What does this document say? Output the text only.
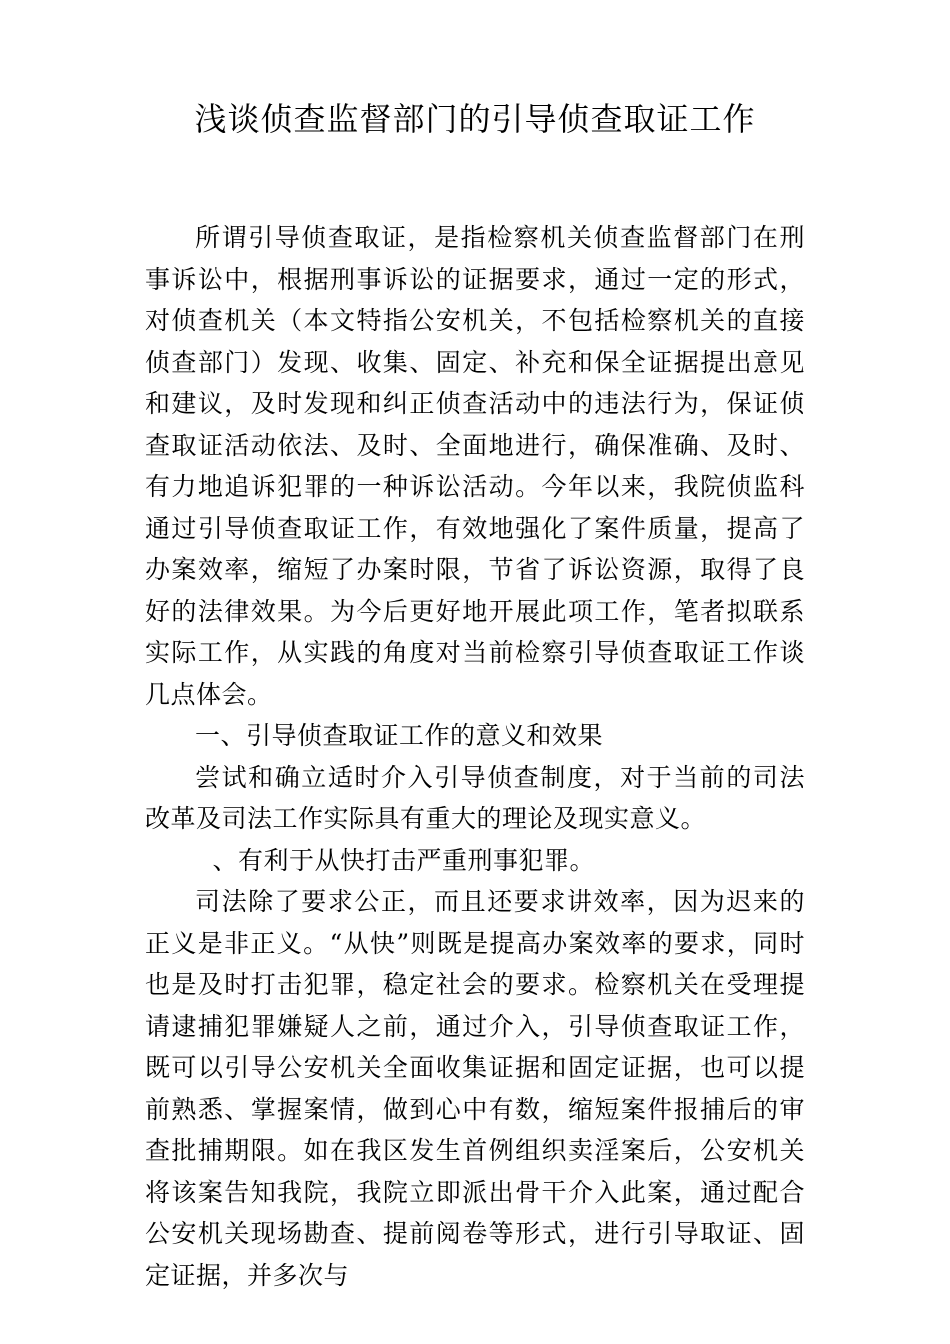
浅谈侦查监督部门的引导侦查取证工作

所谓引导侦查取证，是指检察机关侦查监督部门在刑事诉讼中，根据刑事诉讼的证据要求，通过一定的形式，对侦查机关（本文特指公安机关，不包括检察机关的直接侦查部门）发现、收集、固定、补充和保全证据提出意见和建议，及时发现和纠正侦查活动中的违法行为，保证侦查取证活动依法、及时、全面地进行，确保准确、及时、有力地追诉犯罪的一种诉讼活动。今年以来，我院侦监科通过引导侦查取证工作，有效地强化了案件质量，提高了办案效率，缩短了办案时限，节省了诉讼资源，取得了良好的法律效果。为今后更好地开展此项工作，笔者拟联系实际工作，从实践的角度对当前检察引导侦查取证工作谈几点体会。

一、引导侦查取证工作的意义和效果

尝试和确立适时介入引导侦查制度，对于当前的司法改革及司法工作实际具有重大的理论及现实意义。

、有利于从快打击严重刑事犯罪。

司法除了要求公正，而且还要求讲效率，因为迟来的正义是非正义。“从快”则既是提高办案效率的要求，同时也是及时打击犯罪，稳定社会的要求。检察机关在受理提请逮捕犯罪嫌疑人之前，通过介入，引导侦查取证工作，既可以引导公安机关全面收集证据和固定证据，也可以提前熟悉、掌握案情，做到心中有数，缩短案件报捕后的审查批捕期限。如在我区发生首例组织卖淫案后，公安机关将该案告知我院，我院立即派出骨干介入此案，通过配合公安机关现场勘查、提前阅卷等形式，进行引导取证、固定证据，并多次与
